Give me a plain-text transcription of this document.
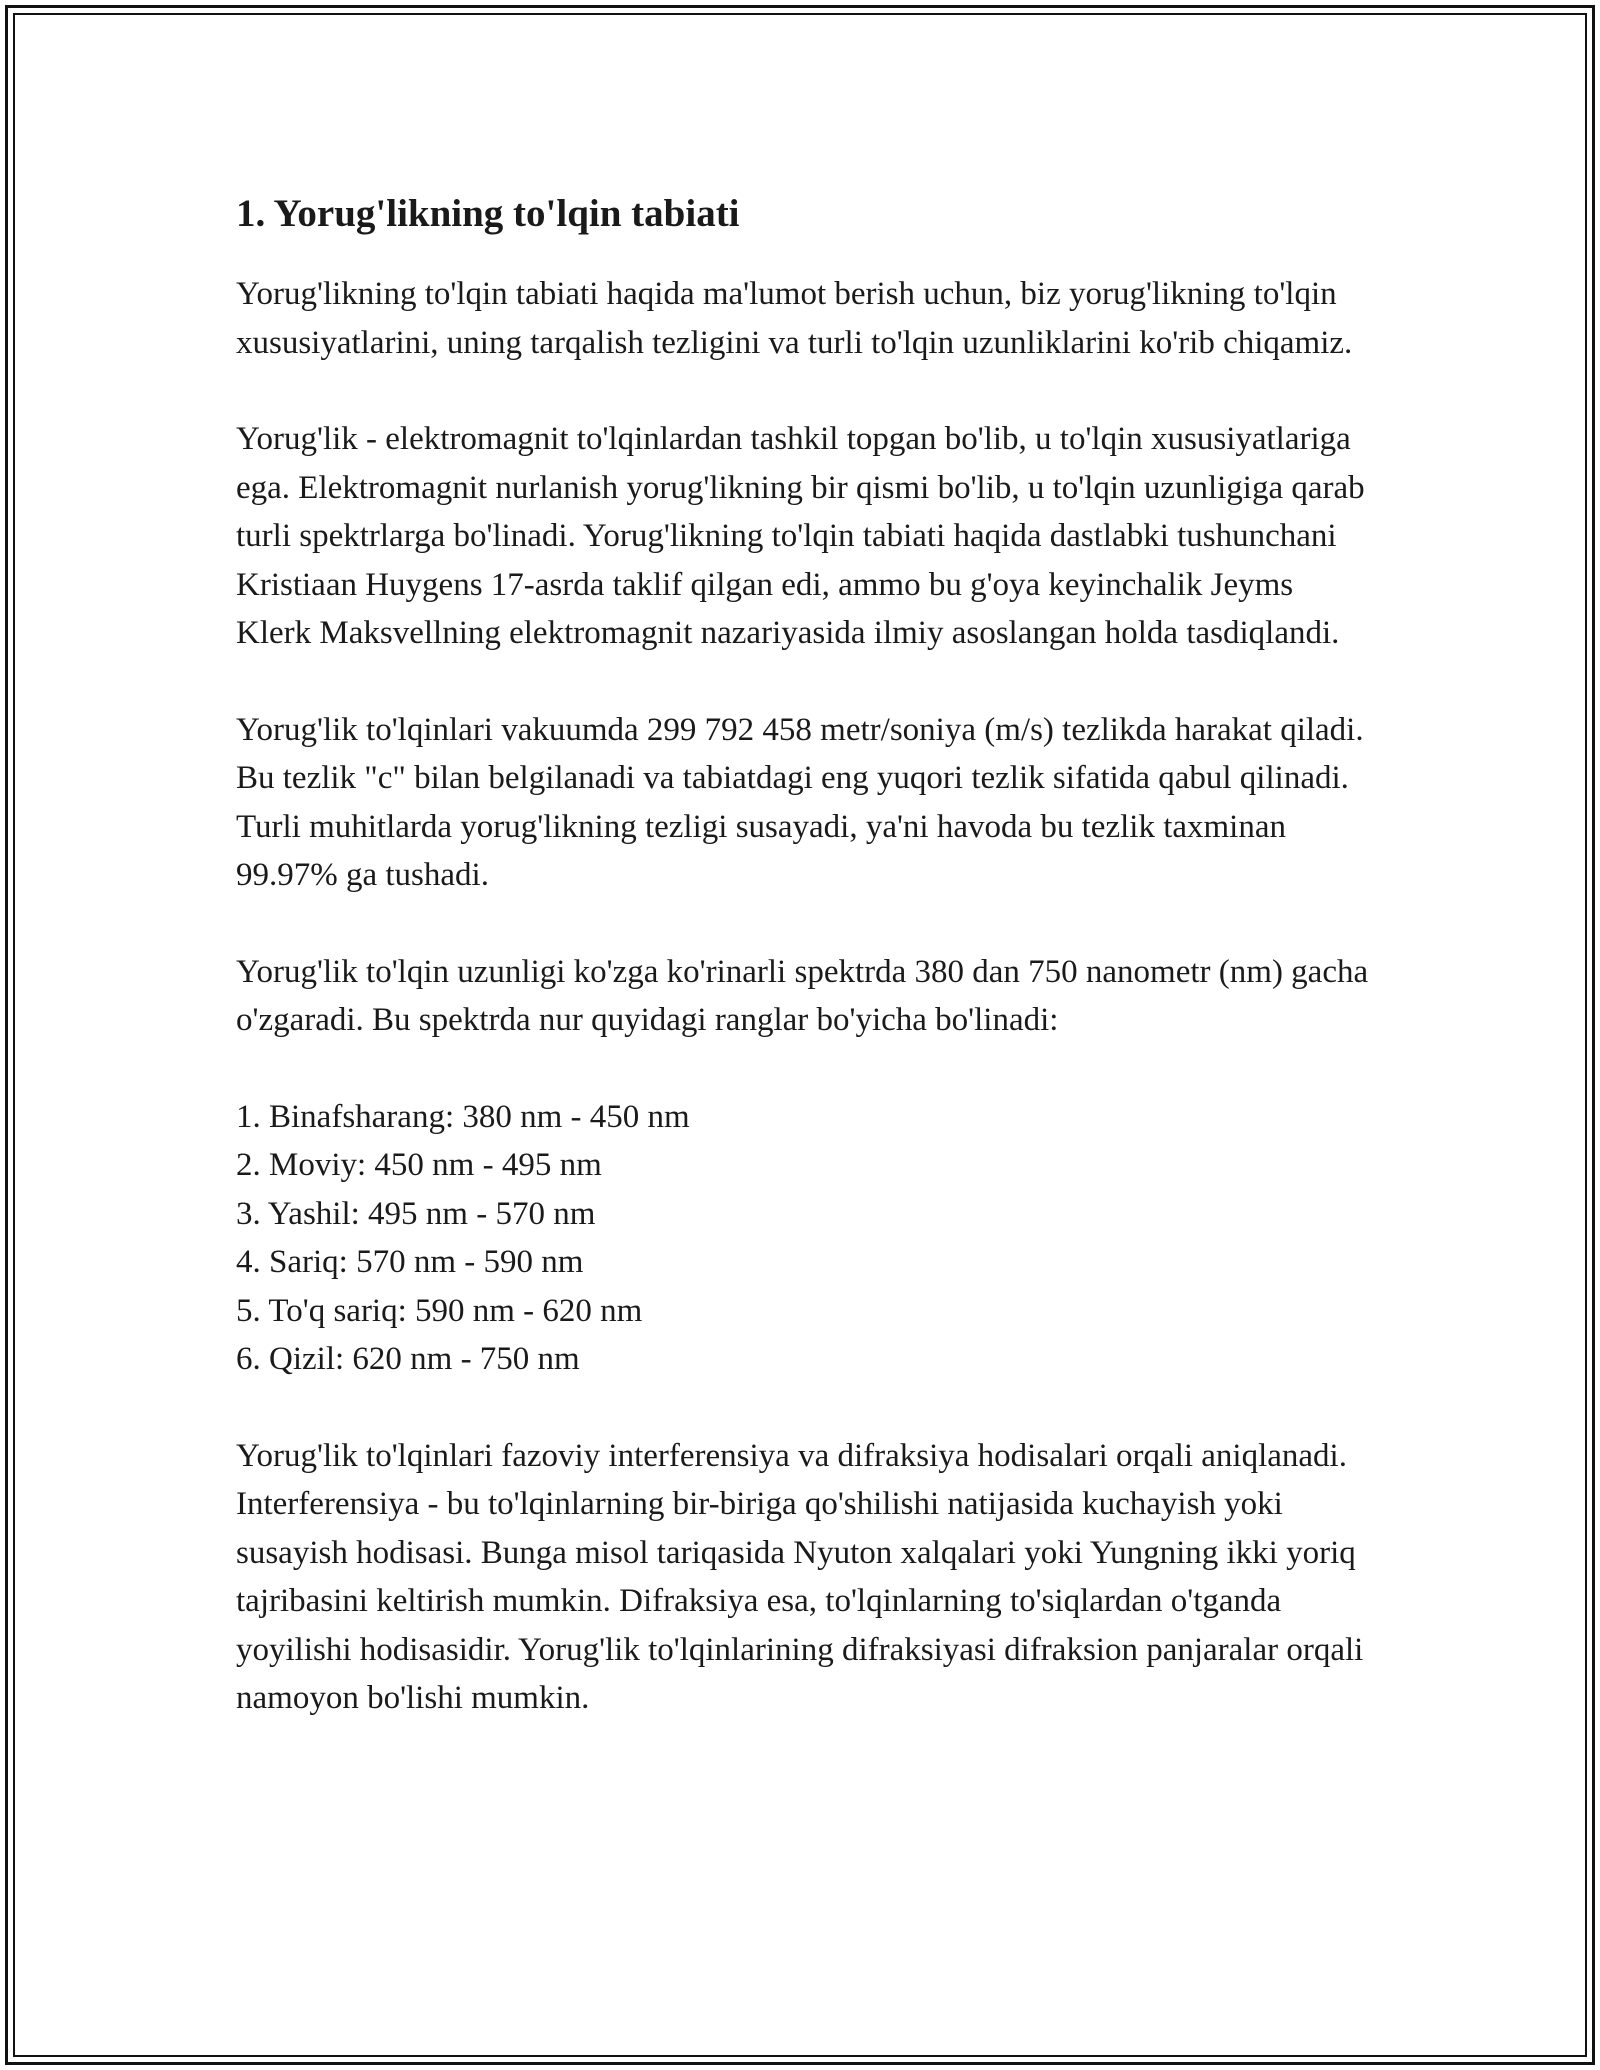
1. Yorug'likning to'lqin tabiati

Yorug'likning to'lqin tabiati haqida ma'lumot berish uchun, biz yorug'likning to'lqin xususiyatlarini, uning tarqalish tezligini va turli to'lqin uzunliklarini ko'rib chiqamiz.

Yorug'lik - elektromagnit to'lqinlardan tashkil topgan bo'lib, u to'lqin xususiyatlariga ega. Elektromagnit nurlanish yorug'likning bir qismi bo'lib, u to'lqin uzunligiga qarab turli spektrlarga bo'linadi. Yorug'likning to'lqin tabiati haqida dastlabki tushunchani Kristiaan Huygens 17-asrda taklif qilgan edi, ammo bu g'oya keyinchalik Jeyms Klerk Maksvellning elektromagnit nazariyasida ilmiy asoslangan holda tasdiqlandi.

Yorug'lik to'lqinlari vakuumda 299 792 458 metr/soniya (m/s) tezlikda harakat qiladi. Bu tezlik "c" bilan belgilanadi va tabiatdagi eng yuqori tezlik sifatida qabul qilinadi. Turli muhitlarda yorug'likning tezligi susayadi, ya'ni havoda bu tezlik taxminan 99.97% ga tushadi.

Yorug'lik to'lqin uzunligi ko'zga ko'rinarli spektrda 380 dan 750 nanometr (nm) gacha o'zgaradi. Bu spektrda nur quyidagi ranglar bo'yicha bo'linadi:

1. Binafsharang: 380 nm - 450 nm
2. Moviy: 450 nm - 495 nm
3. Yashil: 495 nm - 570 nm
4. Sariq: 570 nm - 590 nm
5. To'q sariq: 590 nm - 620 nm
6. Qizil: 620 nm - 750 nm

Yorug'lik to'lqinlari fazoviy interferensiya va difraksiya hodisalari orqali aniqlanadi. Interferensiya - bu to'lqinlarning bir-biriga qo'shilishi natijasida kuchayish yoki susayish hodisasi. Bunga misol tariqasida Nyuton xalqalari yoki Yungning ikki yoriq tajribasini keltirish mumkin. Difraksiya esa, to'lqinlarning to'siqlardan o'tganda yoyilishi hodisasidir. Yorug'lik to'lqinlarining difraksiyasi difraksion panjaralar orqali namoyon bo'lishi mumkin.
